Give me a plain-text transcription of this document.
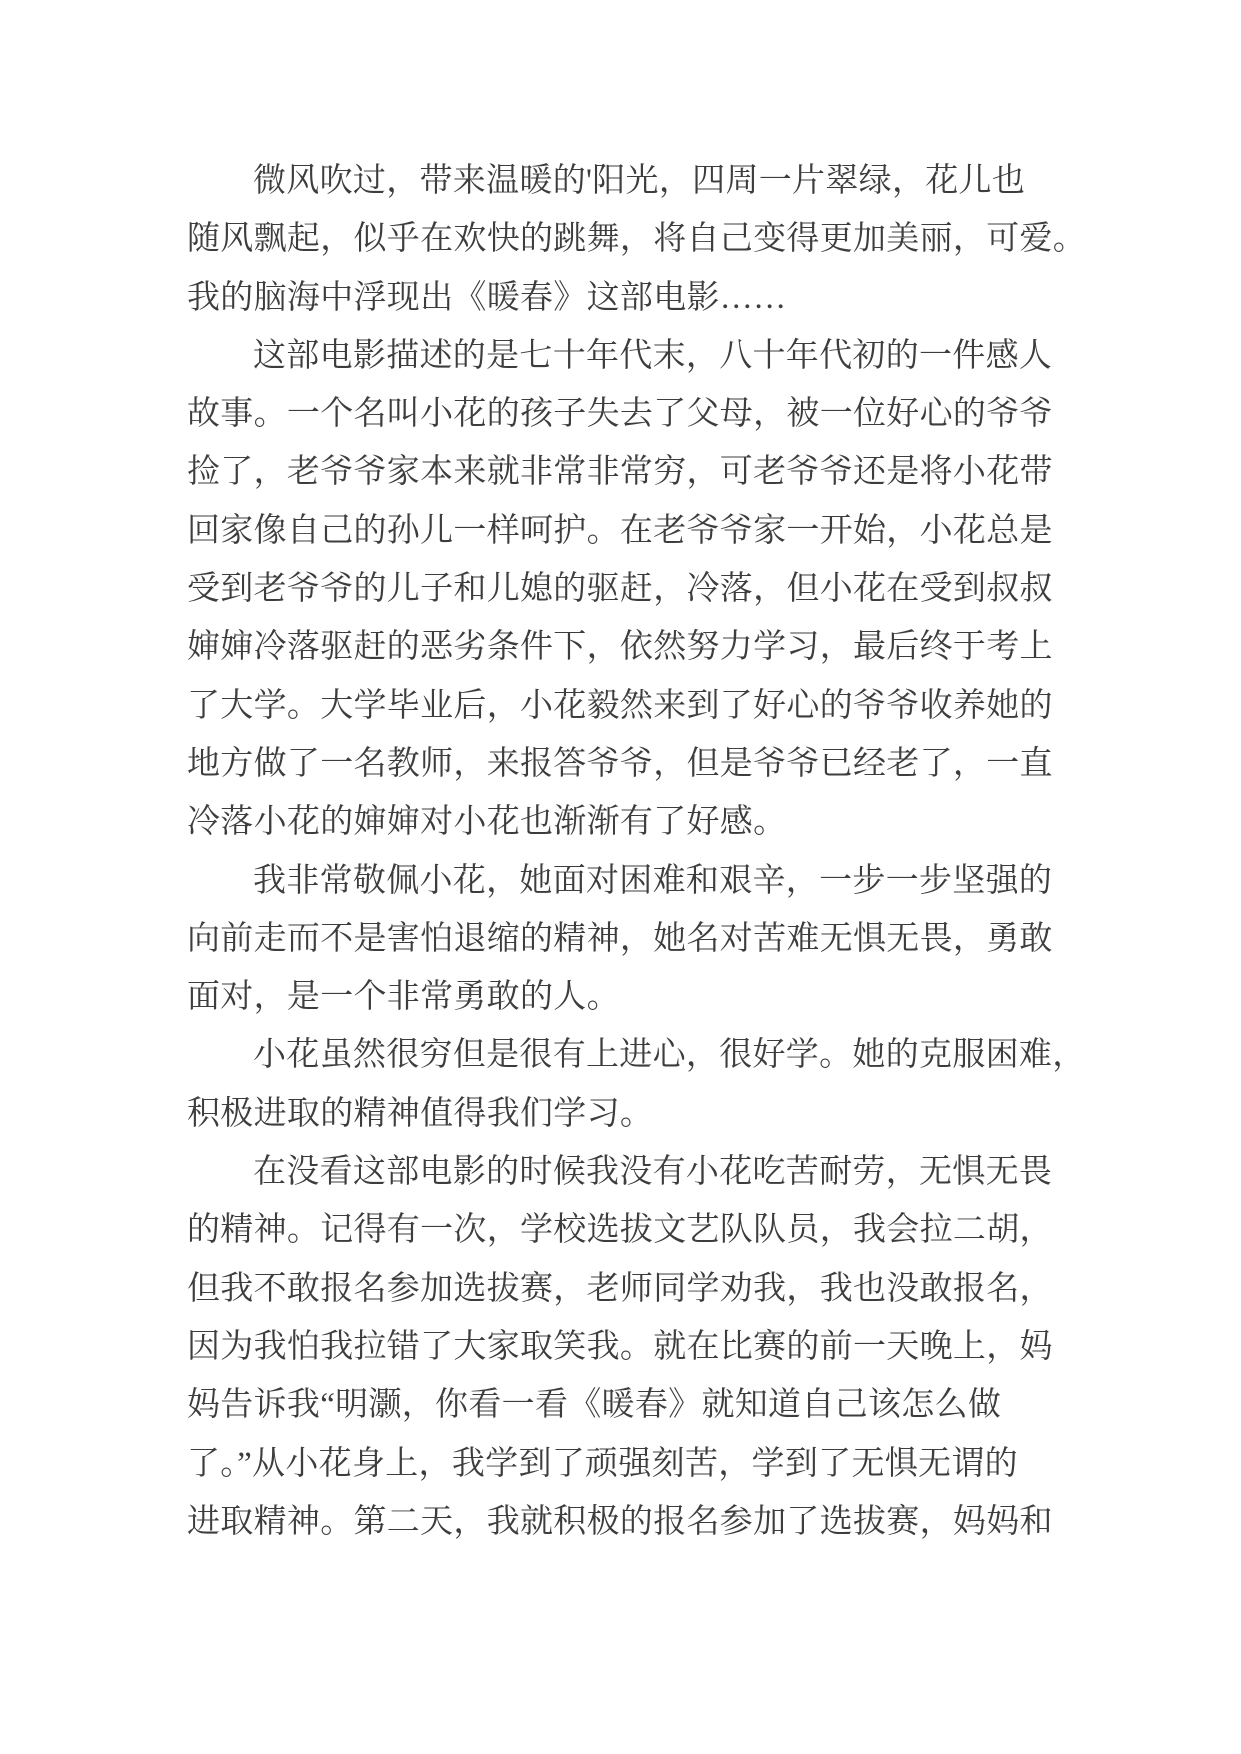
微风吹过，带来温暖的'阳光，四周一片翠绿，花儿也
随风飘起，似乎在欢快的跳舞，将自己变得更加美丽，可爱。
我的脑海中浮现出《暖春》这部电影……
这部电影描述的是七十年代末，八十年代初的一件感人
故事。一个名叫小花的孩子失去了父母，被一位好心的爷爷
捡了，老爷爷家本来就非常非常穷，可老爷爷还是将小花带
回家像自己的孙儿一样呵护。在老爷爷家一开始，小花总是
受到老爷爷的儿子和儿媳的驱赶，冷落，但小花在受到叔叔
婶婶冷落驱赶的恶劣条件下，依然努力学习，最后终于考上
了大学。大学毕业后，小花毅然来到了好心的爷爷收养她的
地方做了一名教师，来报答爷爷，但是爷爷已经老了，一直
冷落小花的婶婶对小花也渐渐有了好感。
我非常敬佩小花，她面对困难和艰辛，一步一步坚强的
向前走而不是害怕退缩的精神，她名对苦难无惧无畏，勇敢
面对，是一个非常勇敢的人。
小花虽然很穷但是很有上进心，很好学。她的克服困难，
积极进取的精神值得我们学习。
在没看这部电影的时候我没有小花吃苦耐劳，无惧无畏
的精神。记得有一次，学校选拔文艺队队员，我会拉二胡，
但我不敢报名参加选拔赛，老师同学劝我，我也没敢报名，
因为我怕我拉错了大家取笑我。就在比赛的前一天晚上，妈
妈告诉我“明灏，你看一看《暖春》就知道自己该怎么做
了。”从小花身上，我学到了顽强刻苦，学到了无惧无谓的
进取精神。第二天，我就积极的报名参加了选拔赛，妈妈和
